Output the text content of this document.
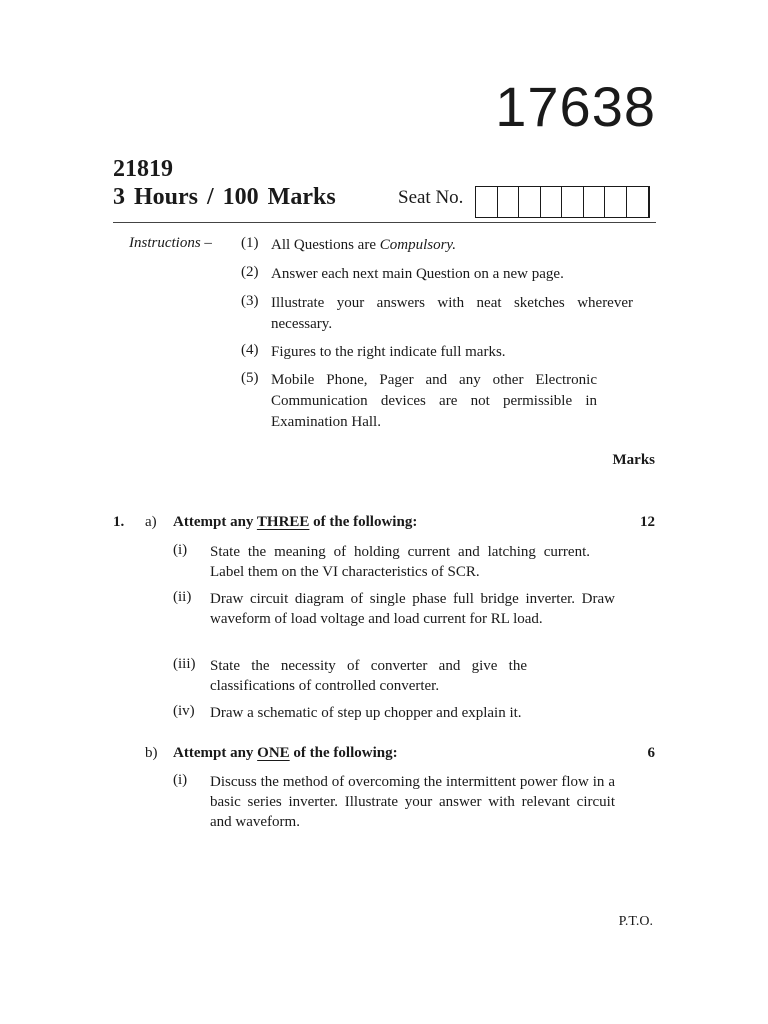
17638
21819
3 Hours / 100 Marks	Seat No.
Instructions – (1) All Questions are Compulsory.
(2) Answer each next main Question on a new page.
(3) Illustrate your answers with neat sketches wherever necessary.
(4) Figures to the right indicate full marks.
(5) Mobile Phone, Pager and any other Electronic Communication devices are not permissible in Examination Hall.
Marks
1. a) Attempt any THREE of the following:	12
(i) State the meaning of holding current and latching current. Label them on the VI characteristics of SCR.
(ii) Draw circuit diagram of single phase full bridge inverter. Draw waveform of load voltage and load current for RL load.
(iii) State the necessity of converter and give the classifications of controlled converter.
(iv) Draw a schematic of step up chopper and explain it.
b) Attempt any ONE of the following:	6
(i) Discuss the method of overcoming the intermittent power flow in a basic series inverter. Illustrate your answer with relevant circuit and waveform.
P.T.O.
